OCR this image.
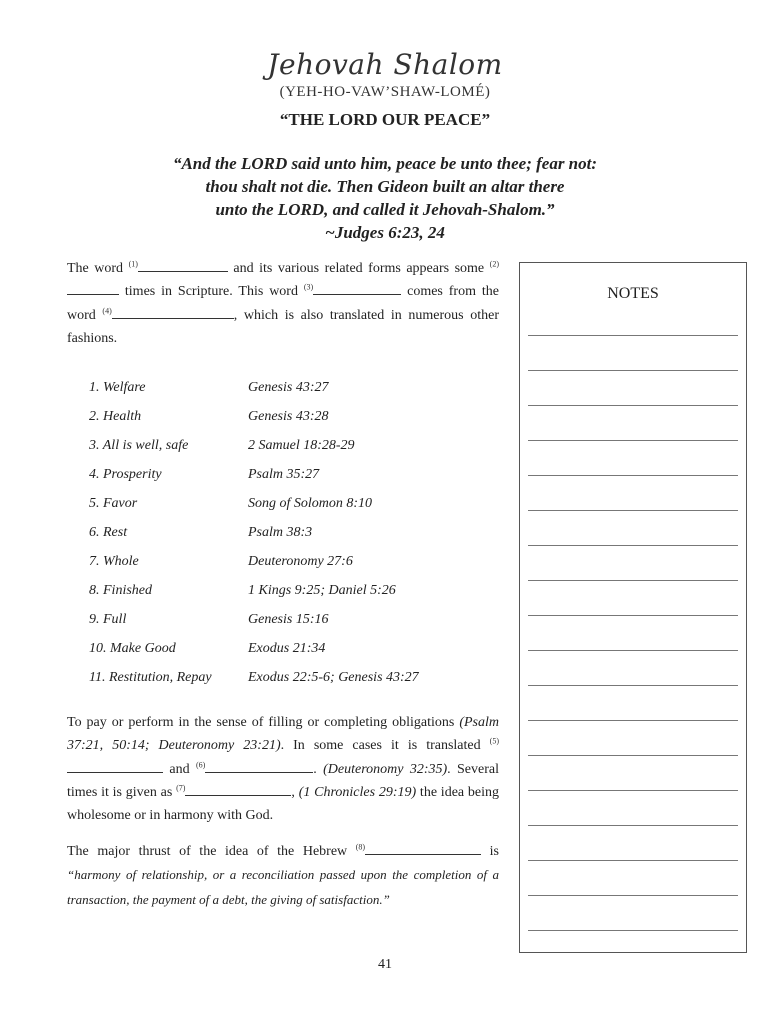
Jehovah Shalom
(YEH-HO-VAW’SHAW-LOMÉ)
“THE LORD OUR PEACE”
“And the LORD said unto him, peace be unto thee; fear not:
thou shalt not die. Then Gideon built an altar there
unto the LORD, and called it Jehovah-Shalom.”
~Judges 6:23, 24

The word $^{(1)}$	and its various related forms appears some $^{(2)}$ times in Scripture. This word $^{(3)}$	comes from the word $^{(4)}$	, which is also translated in numerous other fashions.

1. Welfare	Genesis 43:27
2. Health	Genesis 43:28
3. All is well, safe	2 Samuel 18:28-29
4. Prosperity	Psalm 35:27
5. Favor	Song of Solomon 8:10
6. Rest	Psalm 38:3
7. Whole	Deuteronomy 27:6
8. Finished	1 Kings 9:25; Daniel 5:26
9. Full	Genesis 15:16
10. Make Good	Exodus 21:34
11. Restitution, Repay	Exodus 22:5-6; Genesis 43:27

To pay or perform in the sense of filling or completing obligations (Psalm 37:21, 50:14; Deuteronomy 23:21). In some cases it is translated $^{(5)}$ and $^{(6)}$	. (Deuteronomy 32:35). Several times it is given as $^{(7)}$	, (1 Chronicles 29:19) the idea being wholesome or in harmony with God.

The major thrust of the idea of the Hebrew $^{(8)}$	is “harmony of relationship, or a reconciliation passed upon the completion of a transaction, the payment of a debt, the giving of satisfaction.”

NOTES
41
